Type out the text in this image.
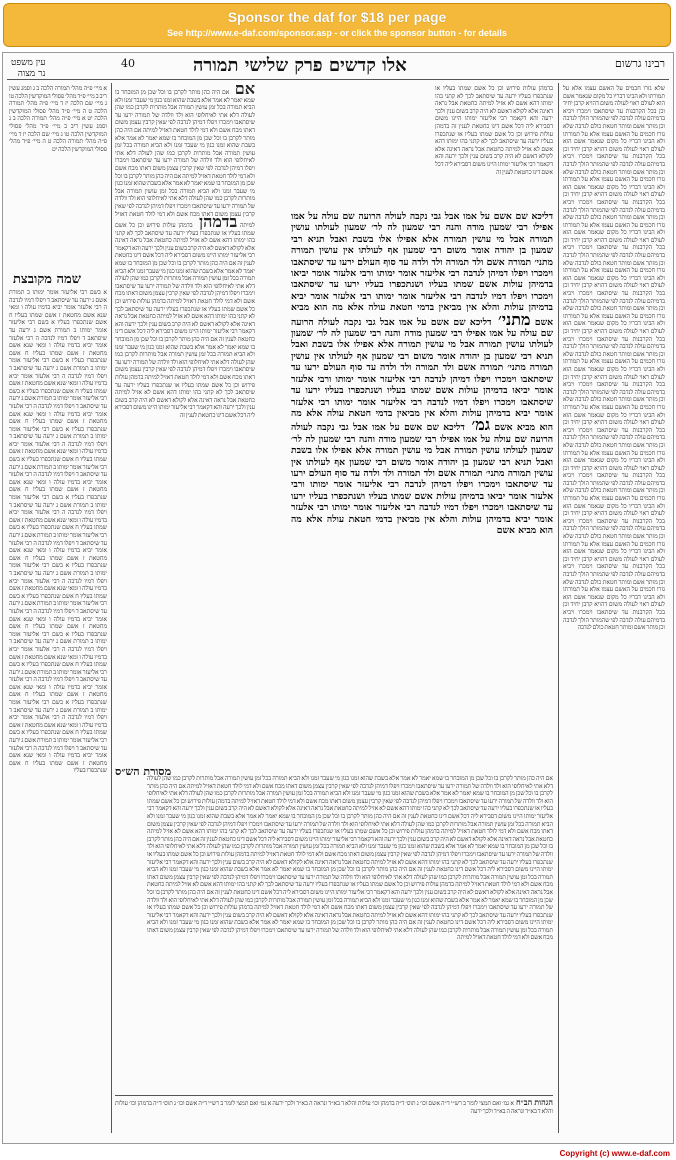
Sponsor the daf for $18 per page
See http://www.e-daf.com/sponsor.asp - or click the sponsor button - for details
עין משפט
נר מצוה
40	אלו קדשים פרק שלישי תמורה	רבינו גרשום
שלא גזרו חכמים על האשם עצמו אלא על תמורתו ולא הבינו דבריו כל מקום שנאמר אשם הוא לעולם ראוי לעולה משום דהויא קרבן יחיד וכן בכל הקרבנות עד שיסתאבו וימכרו ויביא בדמיהם עולה לנדבה לפי שהמותר הולך לנדבה וכן מותר אשם ומותר חטאת כולם לנדבה שלא גזרו חכמים על האשם עצמו אלא על תמורתו ולא הבינו דבריו כל מקום שנאמר אשם הוא לעולם ראוי לעולה משום דהויא קרבן יחיד וכן בכל הקרבנות עד שיסתאבו וימכרו ויביא בדמיהם עולה לנדבה לפי שהמותר הולך לנדבה וכן מותר אשם ומותר חטאת כולם לנדבה שלא גזרו חכמים על האשם עצמו אלא על תמורתו ולא הבינו דבריו כל מקום שנאמר אשם הוא לעולם ראוי לעולה משום דהויא קרבן יחיד וכן בכל הקרבנות עד שיסתאבו וימכרו ויביא בדמיהם עולה לנדבה לפי שהמותר הולך לנדבה וכן מותר אשם ומותר חטאת כולם לנדבה שלא גזרו חכמים על האשם עצמו אלא על תמורתו ולא הבינו דבריו כל מקום שנאמר אשם הוא לעולם ראוי לעולה משום דהויא קרבן יחיד וכן בכל הקרבנות עד שיסתאבו וימכרו ויביא בדמיהם עולה לנדבה לפי שהמותר הולך לנדבה וכן מותר אשם ומותר חטאת כולם לנדבה שלא גזרו חכמים על האשם עצמו אלא על תמורתו ולא הבינו דבריו כל מקום שנאמר אשם הוא לעולם ראוי לעולה משום דהויא קרבן יחיד וכן בכל הקרבנות עד שיסתאבו וימכרו ויביא בדמיהם עולה לנדבה לפי שהמותר הולך לנדבה וכן מותר אשם ומותר חטאת כולם לנדבה שלא גזרו חכמים על האשם עצמו אלא על תמורתו ולא הבינו דבריו כל מקום שנאמר אשם הוא לעולם ראוי לעולה משום דהויא קרבן יחיד וכן בכל הקרבנות עד שיסתאבו וימכרו ויביא בדמיהם עולה לנדבה לפי שהמותר הולך לנדבה וכן מותר אשם ומותר חטאת כולם לנדבה שלא גזרו חכמים על האשם עצמו אלא על תמורתו ולא הבינו דבריו כל מקום שנאמר אשם הוא לעולם ראוי לעולה משום דהויא קרבן יחיד וכן בכל הקרבנות עד שיסתאבו וימכרו ויביא בדמיהם עולה לנדבה לפי שהמותר הולך לנדבה וכן מותר אשם ומותר חטאת כולם לנדבה שלא גזרו חכמים על האשם עצמו אלא על תמורתו ולא הבינו דבריו כל מקום שנאמר אשם הוא לעולם ראוי לעולה משום דהויא קרבן יחיד וכן בכל הקרבנות עד שיסתאבו וימכרו ויביא בדמיהם עולה לנדבה לפי שהמותר הולך לנדבה וכן מותר אשם ומותר חטאת כולם לנדבה שלא גזרו חכמים על האשם עצמו אלא על תמורתו ולא הבינו דבריו כל מקום שנאמר אשם הוא לעולם ראוי לעולה משום דהויא קרבן יחיד וכן בכל הקרבנות עד שיסתאבו וימכרו ויביא בדמיהם עולה לנדבה לפי שהמותר הולך לנדבה וכן מותר אשם ומותר חטאת כולם לנדבה שלא גזרו חכמים על האשם עצמו אלא על תמורתו ולא הבינו דבריו כל מקום שנאמר אשם הוא לעולם ראוי לעולה משום דהויא קרבן יחיד וכן בכל הקרבנות עד שיסתאבו וימכרו ויביא בדמיהם עולה לנדבה לפי שהמותר הולך לנדבה וכן מותר אשם ומותר חטאת כולם לנדבה שלא גזרו חכמים על האשם עצמו אלא על תמורתו ולא הבינו דבריו כל מקום שנאמר אשם הוא לעולם ראוי לעולה משום דהויא קרבן יחיד וכן בכל הקרבנות עד שיסתאבו וימכרו ויביא בדמיהם עולה לנדבה לפי שהמותר הולך לנדבה וכן מותר אשם ומותר חטאת כולם לנדבה שלא גזרו חכמים על האשם עצמו אלא על תמורתו ולא הבינו דבריו כל מקום שנאמר אשם הוא לעולם ראוי לעולה משום דהויא קרבן יחיד וכן בכל הקרבנות עד שיסתאבו וימכרו ויביא בדמיהם עולה לנדבה לפי שהמותר הולך לנדבה וכן מותר אשם ומותר חטאת כולם לנדבה
בדמהן עולות פירוש וכן כל אשם שמתו בעליו או שנתכפרו בעליו ירעה עד שיסתאב לכך לא קתני בהו ימותו דהא אשם לא אזיל למיתה כחטאת אבל נראה דאינה אלא לקולא דאשם לא היה קרב בשום ענין ולכך ירעה והא דקאמר רבי אליעזר ימותו היינו משום דסבירא ליה דכל אשם דינו כחטאת לענין זה בדמהן עולות פירוש וכן כל אשם שמתו בעליו או שנתכפרו בעליו ירעה עד שיסתאב לכך לא קתני בהו ימותו דהא אשם לא אזיל למיתה כחטאת אבל נראה דאינה אלא לקולא דאשם לא היה קרב בשום ענין ולכך ירעה והא דקאמר רבי אליעזר ימותו היינו משום דסבירא ליה דכל אשם דינו כחטאת לענין זה
דליכא שם אשם על אמו אבל גבי נקבה לעולה הרועה שם עולה על אמו אפילו רבי שמעון מודה והנה רבי שמעון לה לר׳ שמעון לעולתו עושין תמורה אבל מי עושין תמורה אלא אפילו אלו בשבת ואבל תניא רבי שמעון בן יהודה אומר משום רבי שמעון אף לעולתו אין עושין תמורה מתני׳ תמורה אשם ולד תמורה ולד ולדה עד סוף העולם ירעו עד שיסתאבו וימכרו ויפלו דמיהן לנדבה רבי אליעזר אומר ימותו ורבי אלעזר אומר יביאו בדמיהן עולות אשם שמתו בעליו ושנתכפרו בעליו ירעו עד שיסתאבו וימכרו ויפלו דמיו לנדבה רבי אליעזר אומר ימותו רבי אלעזר אומר יביא בדמיהן עולות והלא אין מביאין בדמי חטאת עולה אלא מה הוא מביא אשם מתני׳ דליכא שם אשם על אמו אבל גבי נקבה לעולה הרועה שם עולה על אמו אפילו רבי שמעון מודה והנה רבי שמעון לה לר׳ שמעון לעולתו עושין תמורה אבל מי עושין תמורה אלא אפילו אלו בשבת ואבל תניא רבי שמעון בן יהודה אומר משום רבי שמעון אף לעולתו אין עושין תמורה מתני׳ תמורה אשם ולד תמורה ולד ולדה עד סוף העולם ירעו עד שיסתאבו וימכרו ויפלו דמיהן לנדבה רבי אליעזר אומר ימותו ורבי אלעזר אומר יביאו בדמיהן עולות אשם שמתו בעליו ושנתכפרו בעליו ירעו עד שיסתאבו וימכרו ויפלו דמיו לנדבה רבי אליעזר אומר ימותו רבי אלעזר אומר יביא בדמיהן עולות והלא אין מביאין בדמי חטאת עולה אלא מה הוא מביא אשם גמ׳ דליכא שם אשם על אמו אבל גבי נקבה לעולה הרועה שם עולה על אמו אפילו רבי שמעון מודה והנה רבי שמעון לה לר׳ שמעון לעולתו עושין תמורה אבל מי עושין תמורה אלא אפילו אלו בשבת ואבל תניא רבי שמעון בן יהודה אומר משום רבי שמעון אף לעולתו אין עושין תמורה מתני׳ תמורה אשם ולד תמורה ולד ולדה עד סוף העולם ירעו עד שיסתאבו וימכרו ויפלו דמיהן לנדבה רבי אליעזר אומר ימותו ורבי אלעזר אומר יביאו בדמיהן עולות אשם שמתו בעליו ושנתכפרו בעליו ירעו עד שיסתאבו וימכרו ויפלו דמיו לנדבה רבי אליעזר אומר ימותו רבי אלעזר אומר יביא בדמיהן עולות והלא אין מביאין בדמי חטאת עולה אלא מה הוא מביא אשם
אם היה כהן מותר לקרבן בו וכל שכן מן המובחר בו שמא יאמר לא אמר אלא בשבת שהוא זמנו כגון מי שעבר זמנו ולא הביא תמורה בכל זמן עושין תמורה אבל מותרות לקרבן כמו שהן לעולה דלא אתי לאיחלופי הוא ולד וולדה של תמורה ירעו עד שיסתאבו וימכרו ויפלו דמיהן לנדבה לפי שאין קרבין עצמן משום דאתו מכח אשם ולא דמי לולד חטאת דאזיל למיתה אם היה כהן מותר לקרבן בו וכל שכן מן המובחר בו שמא יאמר לא אמר אלא בשבת שהוא זמנו כגון מי שעבר זמנו ולא הביא תמורה בכל זמן עושין תמורה אבל מותרות לקרבן כמו שהן לעולה דלא אתי לאיחלופי הוא ולד וולדה של תמורה ירעו עד שיסתאבו וימכרו ויפלו דמיהן לנדבה לפי שאין קרבין עצמן משום דאתו מכח אשם ולא דמי לולד חטאת דאזיל למיתה בדמהן עולות פירוש וכן כל אשם שמתו בעליו או שנתכפרו בעליו ירעה עד שיסתאב לכך לא קתני בהו ימותו דהא אשם לא אזיל למיתה כחטאת אבל נראה דאינה אלא לקולא דאשם לא היה קרב בשום ענין ולכך ירעה והא דקאמר רבי אליעזר ימותו היינו משום דסבירא ליה דכל אשם דינו כחטאת לענין זה אם היה כהן מותר לקרבן בו וכל שכן מן המובחר בו שמא יאמר לא אמר אלא בשבת שהוא זמנו כגון מי שעבר זמנו ולא הביא תמורה בכל זמן עושין תמורה אבל מותרות לקרבן כמו שהן לעולה דלא אתי לאיחלופי הוא ולד וולדה של תמורה ירעו עד שיסתאבו וימכרו ויפלו דמיהן לנדבה לפי שאין קרבין עצמן משום דאתו מכח אשם ולא דמי לולד חטאת דאזיל למיתה בדמהן עולות פירוש וכן כל אשם שמתו בעליו או שנתכפרו בעליו ירעה עד שיסתאב לכך לא קתני בהו ימותו דהא אשם לא אזיל למיתה כחטאת אבל נראה דאינה אלא לקולא דאשם לא היה קרב בשום ענין ולכך ירעה והא דקאמר רבי אליעזר ימותו היינו משום דסבירא ליה דכל אשם דינו כחטאת לענין זה אם היה כהן מותר לקרבן בו וכל שכן מן המובחר בו שמא יאמר לא אמר אלא בשבת שהוא זמנו כגון מי שעבר זמנו ולא הביא תמורה בכל זמן עושין תמורה אבל מותרות לקרבן כמו שהן לעולה דלא אתי לאיחלופי הוא ולד וולדה של תמורה ירעו עד שיסתאבו וימכרו ויפלו דמיהן לנדבה לפי שאין קרבין עצמן משום דאתו מכח אשם ולא דמי לולד חטאת דאזיל למיתה בדמהן עולות פירוש וכן כל אשם שמתו בעליו או שנתכפרו בעליו ירעה עד שיסתאב לכך לא קתני בהו ימותו דהא אשם לא אזיל למיתה כחטאת אבל נראה דאינה אלא לקולא דאשם לא היה קרב בשום ענין ולכך ירעה והא דקאמר רבי אליעזר ימותו היינו משום דסבירא ליה דכל אשם דינו כחטאת לענין זה אם היה כהן מותר לקרבן בו וכל שכן מן המובחר בו שמא יאמר לא אמר אלא בשבת שהוא זמנו כגון מי שעבר זמנו ולא הביא תמורה בכל זמן עושין תמורה אבל מותרות לקרבן כמו שהן לעולה דלא אתי לאיחלופי הוא ולד וולדה של תמורה ירעו עד שיסתאבו וימכרו ויפלו דמיהן לנדבה לפי שאין קרבין עצמן משום דאתו מכח אשם ולא דמי לולד חטאת דאזיל למיתה בדמהן עולות פירוש וכן כל אשם שמתו בעליו או שנתכפרו בעליו ירעה עד שיסתאב לכך לא קתני בהו ימותו דהא אשם לא אזיל למיתה כחטאת אבל נראה דאינה אלא לקולא דאשם לא היה קרב בשום ענין ולכך ירעה והא דקאמר רבי אליעזר ימותו היינו משום דסבירא ליה דכל אשם דינו כחטאת לענין זה אם היה כהן מותר לקרבן בו וכל שכן מן המובחר בו שמא יאמר לא אמר אלא בשבת שהוא זמנו כגון מי שעבר זמנו ולא הביא תמורה בכל זמן עושין תמורה אבל מותרות לקרבן כמו שהן לעולה דלא אתי לאיחלופי הוא ולד וולדה של תמורה ירעו עד שיסתאבו וימכרו ויפלו דמיהן לנדבה לפי שאין קרבין עצמן משום דאתו מכח אשם ולא דמי לולד חטאת דאזיל למיתה בדמהן עולות פירוש וכן כל אשם שמתו בעליו או שנתכפרו בעליו ירעה עד שיסתאב לכך לא קתני בהו ימותו דהא אשם לא אזיל למיתה כחטאת אבל נראה דאינה אלא לקולא דאשם לא היה קרב בשום ענין ולכך ירעה והא דקאמר רבי אליעזר ימותו היינו משום דסבירא ליה דכל אשם דינו כחטאת לענין זה אם היה כהן מותר לקרבן בו וכל שכן מן המובחר בו שמא יאמר לא אמר אלא בשבת שהוא זמנו כגון מי שעבר זמנו ולא הביא תמורה בכל זמן עושין תמורה אבל מותרות לקרבן כמו שהן לעולה דלא אתי לאיחלופי הוא ולד וולדה של תמורה ירעו עד שיסתאבו וימכרו ויפלו דמיהן לנדבה לפי שאין קרבין עצמן משום דאתו מכח אשם ולא דמי לולד חטאת דאזיל למיתה
אם אם היה כהן מותר לקרבן בו וכל שכן מן המובחר בו שמא יאמר לא אמר אלא בשבת שהוא זמנו כגון מי שעבר זמנו ולא הביא תמורה בכל זמן עושין תמורה אבל מותרות לקרבן כמו שהן לעולה דלא אתי לאיחלופי הוא ולד וולדה של תמורה ירעו עד שיסתאבו וימכרו ויפלו דמיהן לנדבה לפי שאין קרבין עצמן משום דאתו מכח אשם ולא דמי לולד חטאת דאזיל למיתה אם היה כהן מותר לקרבן בו וכל שכן מן המובחר בו שמא יאמר לא אמר אלא בשבת שהוא זמנו כגון מי שעבר זמנו ולא הביא תמורה בכל זמן עושין תמורה אבל מותרות לקרבן כמו שהן לעולה דלא אתי לאיחלופי הוא ולד וולדה של תמורה ירעו עד שיסתאבו וימכרו ויפלו דמיהן לנדבה לפי שאין קרבין עצמן משום דאתו מכח אשם ולא דמי לולד חטאת דאזיל למיתה אם היה כהן מותר לקרבן בו וכל שכן מן המובחר בו שמא יאמר לא אמר אלא בשבת שהוא זמנו כגון מי שעבר זמנו ולא הביא תמורה בכל זמן עושין תמורה אבל מותרות לקרבן כמו שהן לעולה דלא אתי לאיחלופי הוא ולד וולדה של תמורה ירעו עד שיסתאבו וימכרו ויפלו דמיהן לנדבה לפי שאין קרבין עצמן משום דאתו מכח אשם ולא דמי לולד חטאת דאזיל למיתה בדמהן בדמהן עולות פירוש וכן כל אשם שמתו בעליו או שנתכפרו בעליו ירעה עד שיסתאב לכך לא קתני בהו ימותו דהא אשם לא אזיל למיתה כחטאת אבל נראה דאינה אלא לקולא דאשם לא היה קרב בשום ענין ולכך ירעה והא דקאמר רבי אליעזר ימותו היינו משום דסבירא ליה דכל אשם דינו כחטאת לענין זה אם היה כהן מותר לקרבן בו וכל שכן מן המובחר בו שמא יאמר לא אמר אלא בשבת שהוא זמנו כגון מי שעבר זמנו ולא הביא תמורה בכל זמן עושין תמורה אבל מותרות לקרבן כמו שהן לעולה דלא אתי לאיחלופי הוא ולד וולדה של תמורה ירעו עד שיסתאבו וימכרו ויפלו דמיהן לנדבה לפי שאין קרבין עצמן משום דאתו מכח אשם ולא דמי לולד חטאת דאזיל למיתה בדמהן עולות פירוש וכן כל אשם שמתו בעליו או שנתכפרו בעליו ירעה עד שיסתאב לכך לא קתני בהו ימותו דהא אשם לא אזיל למיתה כחטאת אבל נראה דאינה אלא לקולא דאשם לא היה קרב בשום ענין ולכך ירעה והא דקאמר רבי אליעזר ימותו היינו משום דסבירא ליה דכל אשם דינו כחטאת לענין זה אם היה כהן מותר לקרבן בו וכל שכן מן המובחר בו שמא יאמר לא אמר אלא בשבת שהוא זמנו כגון מי שעבר זמנו ולא הביא תמורה בכל זמן עושין תמורה אבל מותרות לקרבן כמו שהן לעולה דלא אתי לאיחלופי הוא ולד וולדה של תמורה ירעו עד שיסתאבו וימכרו ויפלו דמיהן לנדבה לפי שאין קרבין עצמן משום דאתו מכח אשם ולא דמי לולד חטאת דאזיל למיתה בדמהן עולות פירוש וכן כל אשם שמתו בעליו או שנתכפרו בעליו ירעה עד שיסתאב לכך לא קתני בהו ימותו דהא אשם לא אזיל למיתה כחטאת אבל נראה דאינה אלא לקולא דאשם לא היה קרב בשום ענין ולכך ירעה והא דקאמר רבי אליעזר ימותו היינו משום דסבירא ליה דכל אשם דינו כחטאת לענין זה
מסורת הש״ס
א מיי׳ פ״ה מהל׳ תמורה הלכה ב ג וסמג עשין ריב ב מיי׳ פ״ד מהל׳ פסולי המוקדשין הלכה טו ג מיי׳ שם הלכה יז ד מיי׳ פ״ה מהל׳ תמורה הלכה ט ה מיי׳ פ״ד מהל׳ פסולי המוקדשין הלכה יט א מיי׳ פ״ה מהל׳ תמורה הלכה ב ג וסמג עשין ריב ב מיי׳ פ״ד מהל׳ פסולי המוקדשין הלכה טו ג מיי׳ שם הלכה יז ד מיי׳ פ״ה מהל׳ תמורה הלכה ט ה מיי׳ פ״ד מהל׳ פסולי המוקדשין הלכה יט
שמה מקובצת
א בשם רבי אליעזר אומר ימותו ב תמורת אשם ג ירעה עד שיסתאב ד ויפלו דמיו לנדבה ה רבי אלעזר אומר יביא בדמיו עולה ו ומאי שנא אשם מחטאת ז אשם שמתו בעליו ח אשם שנתכפרו בעליו א בשם רבי אליעזר אומר ימותו ב תמורת אשם ג ירעה עד שיסתאב ד ויפלו דמיו לנדבה ה רבי אלעזר אומר יביא בדמיו עולה ו ומאי שנא אשם מחטאת ז אשם שמתו בעליו ח אשם שנתכפרו בעליו א בשם רבי אליעזר אומר ימותו ב תמורת אשם ג ירעה עד שיסתאב ד ויפלו דמיו לנדבה ה רבי אלעזר אומר יביא בדמיו עולה ו ומאי שנא אשם מחטאת ז אשם שמתו בעליו ח אשם שנתכפרו בעליו א בשם רבי אליעזר אומר ימותו ב תמורת אשם ג ירעה עד שיסתאב ד ויפלו דמיו לנדבה ה רבי אלעזר אומר יביא בדמיו עולה ו ומאי שנא אשם מחטאת ז אשם שמתו בעליו ח אשם שנתכפרו בעליו א בשם רבי אליעזר אומר ימותו ב תמורת אשם ג ירעה עד שיסתאב ד ויפלו דמיו לנדבה ה רבי אלעזר אומר יביא בדמיו עולה ו ומאי שנא אשם מחטאת ז אשם שמתו בעליו ח אשם שנתכפרו בעליו א בשם רבי אליעזר אומר ימותו ב תמורת אשם ג ירעה עד שיסתאב ד ויפלו דמיו לנדבה ה רבי אלעזר אומר יביא בדמיו עולה ו ומאי שנא אשם מחטאת ז אשם שמתו בעליו ח אשם שנתכפרו בעליו א בשם רבי אליעזר אומר ימותו ב תמורת אשם ג ירעה עד שיסתאב ד ויפלו דמיו לנדבה ה רבי אלעזר אומר יביא בדמיו עולה ו ומאי שנא אשם מחטאת ז אשם שמתו בעליו ח אשם שנתכפרו בעליו א בשם רבי אליעזר אומר ימותו ב תמורת אשם ג ירעה עד שיסתאב ד ויפלו דמיו לנדבה ה רבי אלעזר אומר יביא בדמיו עולה ו ומאי שנא אשם מחטאת ז אשם שמתו בעליו ח אשם שנתכפרו בעליו א בשם רבי אליעזר אומר ימותו ב תמורת אשם ג ירעה עד שיסתאב ד ויפלו דמיו לנדבה ה רבי אלעזר אומר יביא בדמיו עולה ו ומאי שנא אשם מחטאת ז אשם שמתו בעליו ח אשם שנתכפרו בעליו א בשם רבי אליעזר אומר ימותו ב תמורת אשם ג ירעה עד שיסתאב ד ויפלו דמיו לנדבה ה רבי אלעזר אומר יביא בדמיו עולה ו ומאי שנא אשם מחטאת ז אשם שמתו בעליו ח אשם שנתכפרו בעליו א בשם רבי אליעזר אומר ימותו ב תמורת אשם ג ירעה עד שיסתאב ד ויפלו דמיו לנדבה ה רבי אלעזר אומר יביא בדמיו עולה ו ומאי שנא אשם מחטאת ז אשם שמתו בעליו ח אשם שנתכפרו בעליו א בשם רבי אליעזר אומר ימותו ב תמורת אשם ג ירעה עד שיסתאב ד ויפלו דמיו לנדבה ה רבי אלעזר אומר יביא בדמיו עולה ו ומאי שנא אשם מחטאת ז אשם שמתו בעליו ח אשם שנתכפרו בעליו א בשם רבי אליעזר אומר ימותו ב תמורת אשם ג ירעה עד שיסתאב ד ויפלו דמיו לנדבה ה רבי אלעזר אומר יביא בדמיו עולה ו ומאי שנא אשם מחטאת ז אשם שמתו בעליו ח אשם שנתכפרו בעליו א בשם רבי אליעזר אומר ימותו ב תמורת אשם ג ירעה עד שיסתאב ד ויפלו דמיו לנדבה ה רבי אלעזר אומר יביא בדמיו עולה ו ומאי שנא אשם מחטאת ז אשם שמתו בעליו ח אשם שנתכפרו בעליו
הגהות הב״ח א גמ׳ ואם תמצי לומר ב רש״י ד״ה אשם וכו׳ ג תוס׳ ד״ה בדמהן וכו׳ עולות והלא ד בא״ד ונראה ה בא״ד ולכך ירעה א גמ׳ ואם תמצי לומר ב רש״י ד״ה אשם וכו׳ ג תוס׳ ד״ה בדמהן וכו׳ עולות והלא ד בא״ד ונראה ה בא״ד ולכך ירעה
Copyright (c) www.e-daf.com
